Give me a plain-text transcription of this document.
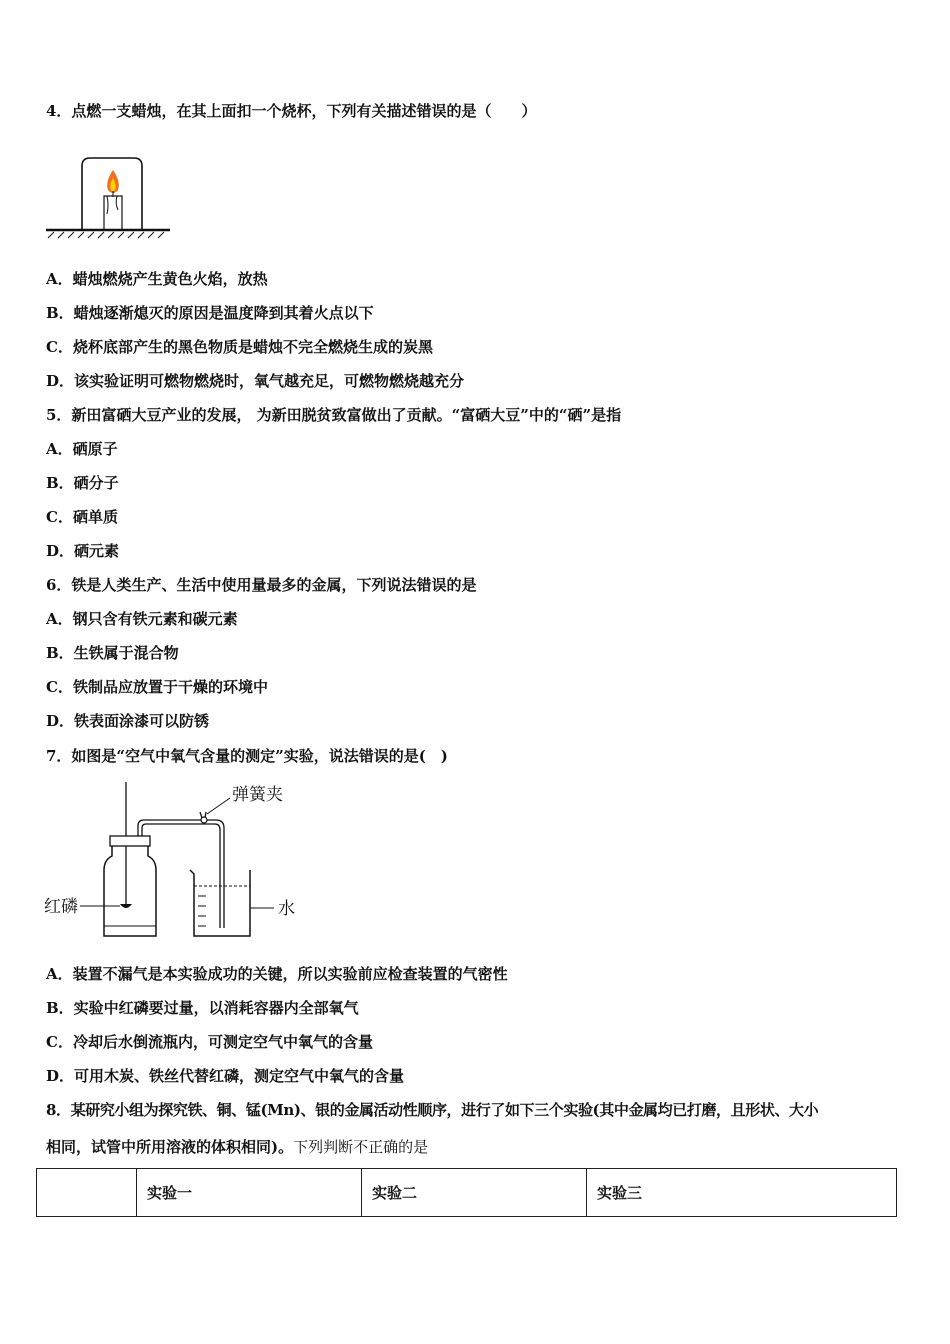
4．点燃一支蜡烛，在其上面扣一个烧杯，下列有关描述错误的是（　　）
A．蜡烛燃烧产生黄色火焰，放热
B．蜡烛逐渐熄灭的原因是温度降到其着火点以下
C．烧杯底部产生的黑色物质是蜡烛不完全燃烧生成的炭黑
D．该实验证明可燃物燃烧时，氧气越充足，可燃物燃烧越充分
5．新田富硒大豆产业的发展， 为新田脱贫致富做出了贡献。“富硒大豆”中的“硒”是指
A．硒原子
B．硒分子
C．硒单质
D．硒元素
6．铁是人类生产、生活中使用量最多的金属，下列说法错误的是
A．钢只含有铁元素和碳元素
B．生铁属于混合物
C．铁制品应放置于干燥的环境中
D．铁表面涂漆可以防锈
7．如图是“空气中氧气含量的测定”实验，说法错误的是(　)
弹簧夹
红磷	水
A．装置不漏气是本实验成功的关键，所以实验前应检查装置的气密性
B．实验中红磷要过量，以消耗容器内全部氧气
C．冷却后水倒流瓶内，可测定空气中氧气的含量
D．可用木炭、铁丝代替红磷，测定空气中氧气的含量
8．某研究小组为探究铁、铜、锰(Mn)、银的金属活动性顺序，进行了如下三个实验(其中金属均已打磨，且形状、大小
相同，试管中所用溶液的体积相同)。下列判断不正确的是
	实验一	实验二	实验三
